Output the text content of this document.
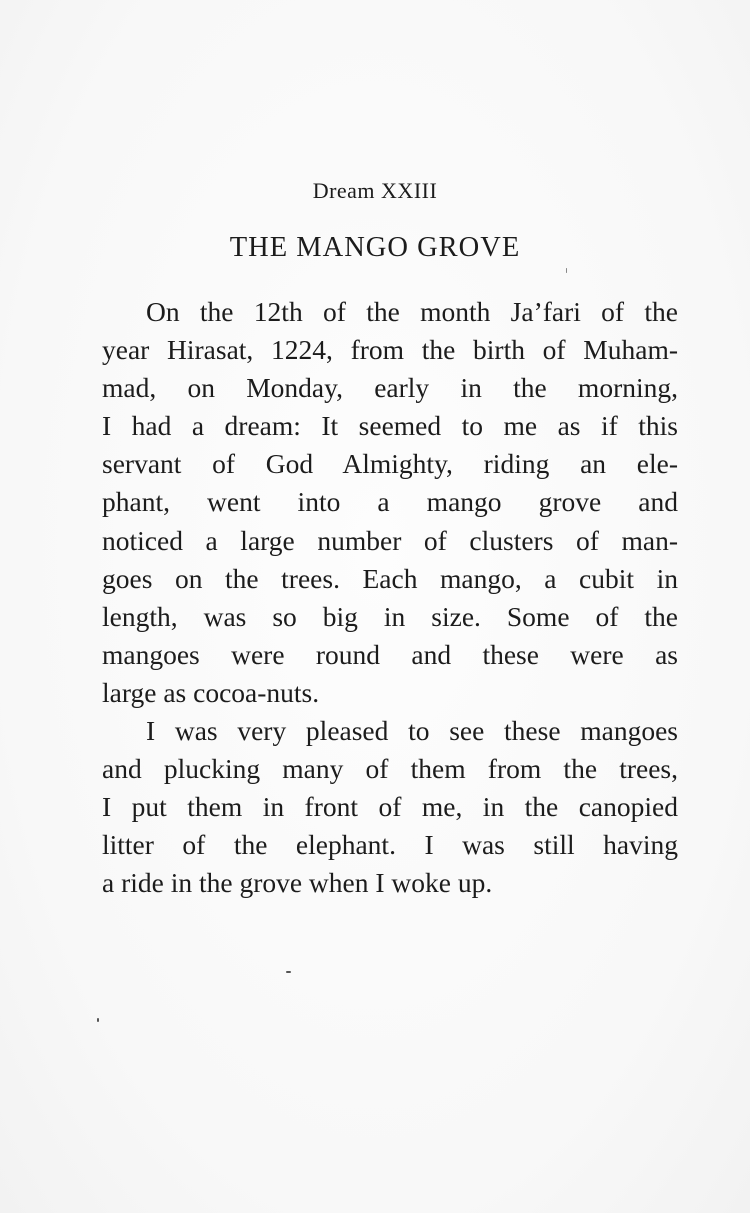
Dream XXIII
THE MANGO GROVE
On the 12th of the month Ja’fari of the
year Hirasat, 1224, from the birth of Muham-
mad, on Monday, early in the morning,
I had a dream: It seemed to me as if this
servant of God Almighty, riding an ele-
phant, went into a mango grove and
noticed a large number of clusters of man-
goes on the trees. Each mango, a cubit in
length, was so big in size. Some of the
mangoes were round and these were as
large as cocoa-nuts.
I was very pleased to see these mangoes
and plucking many of them from the trees,
I put them in front of me, in the canopied
litter of the elephant. I was still having
a ride in the grove when I woke up.
